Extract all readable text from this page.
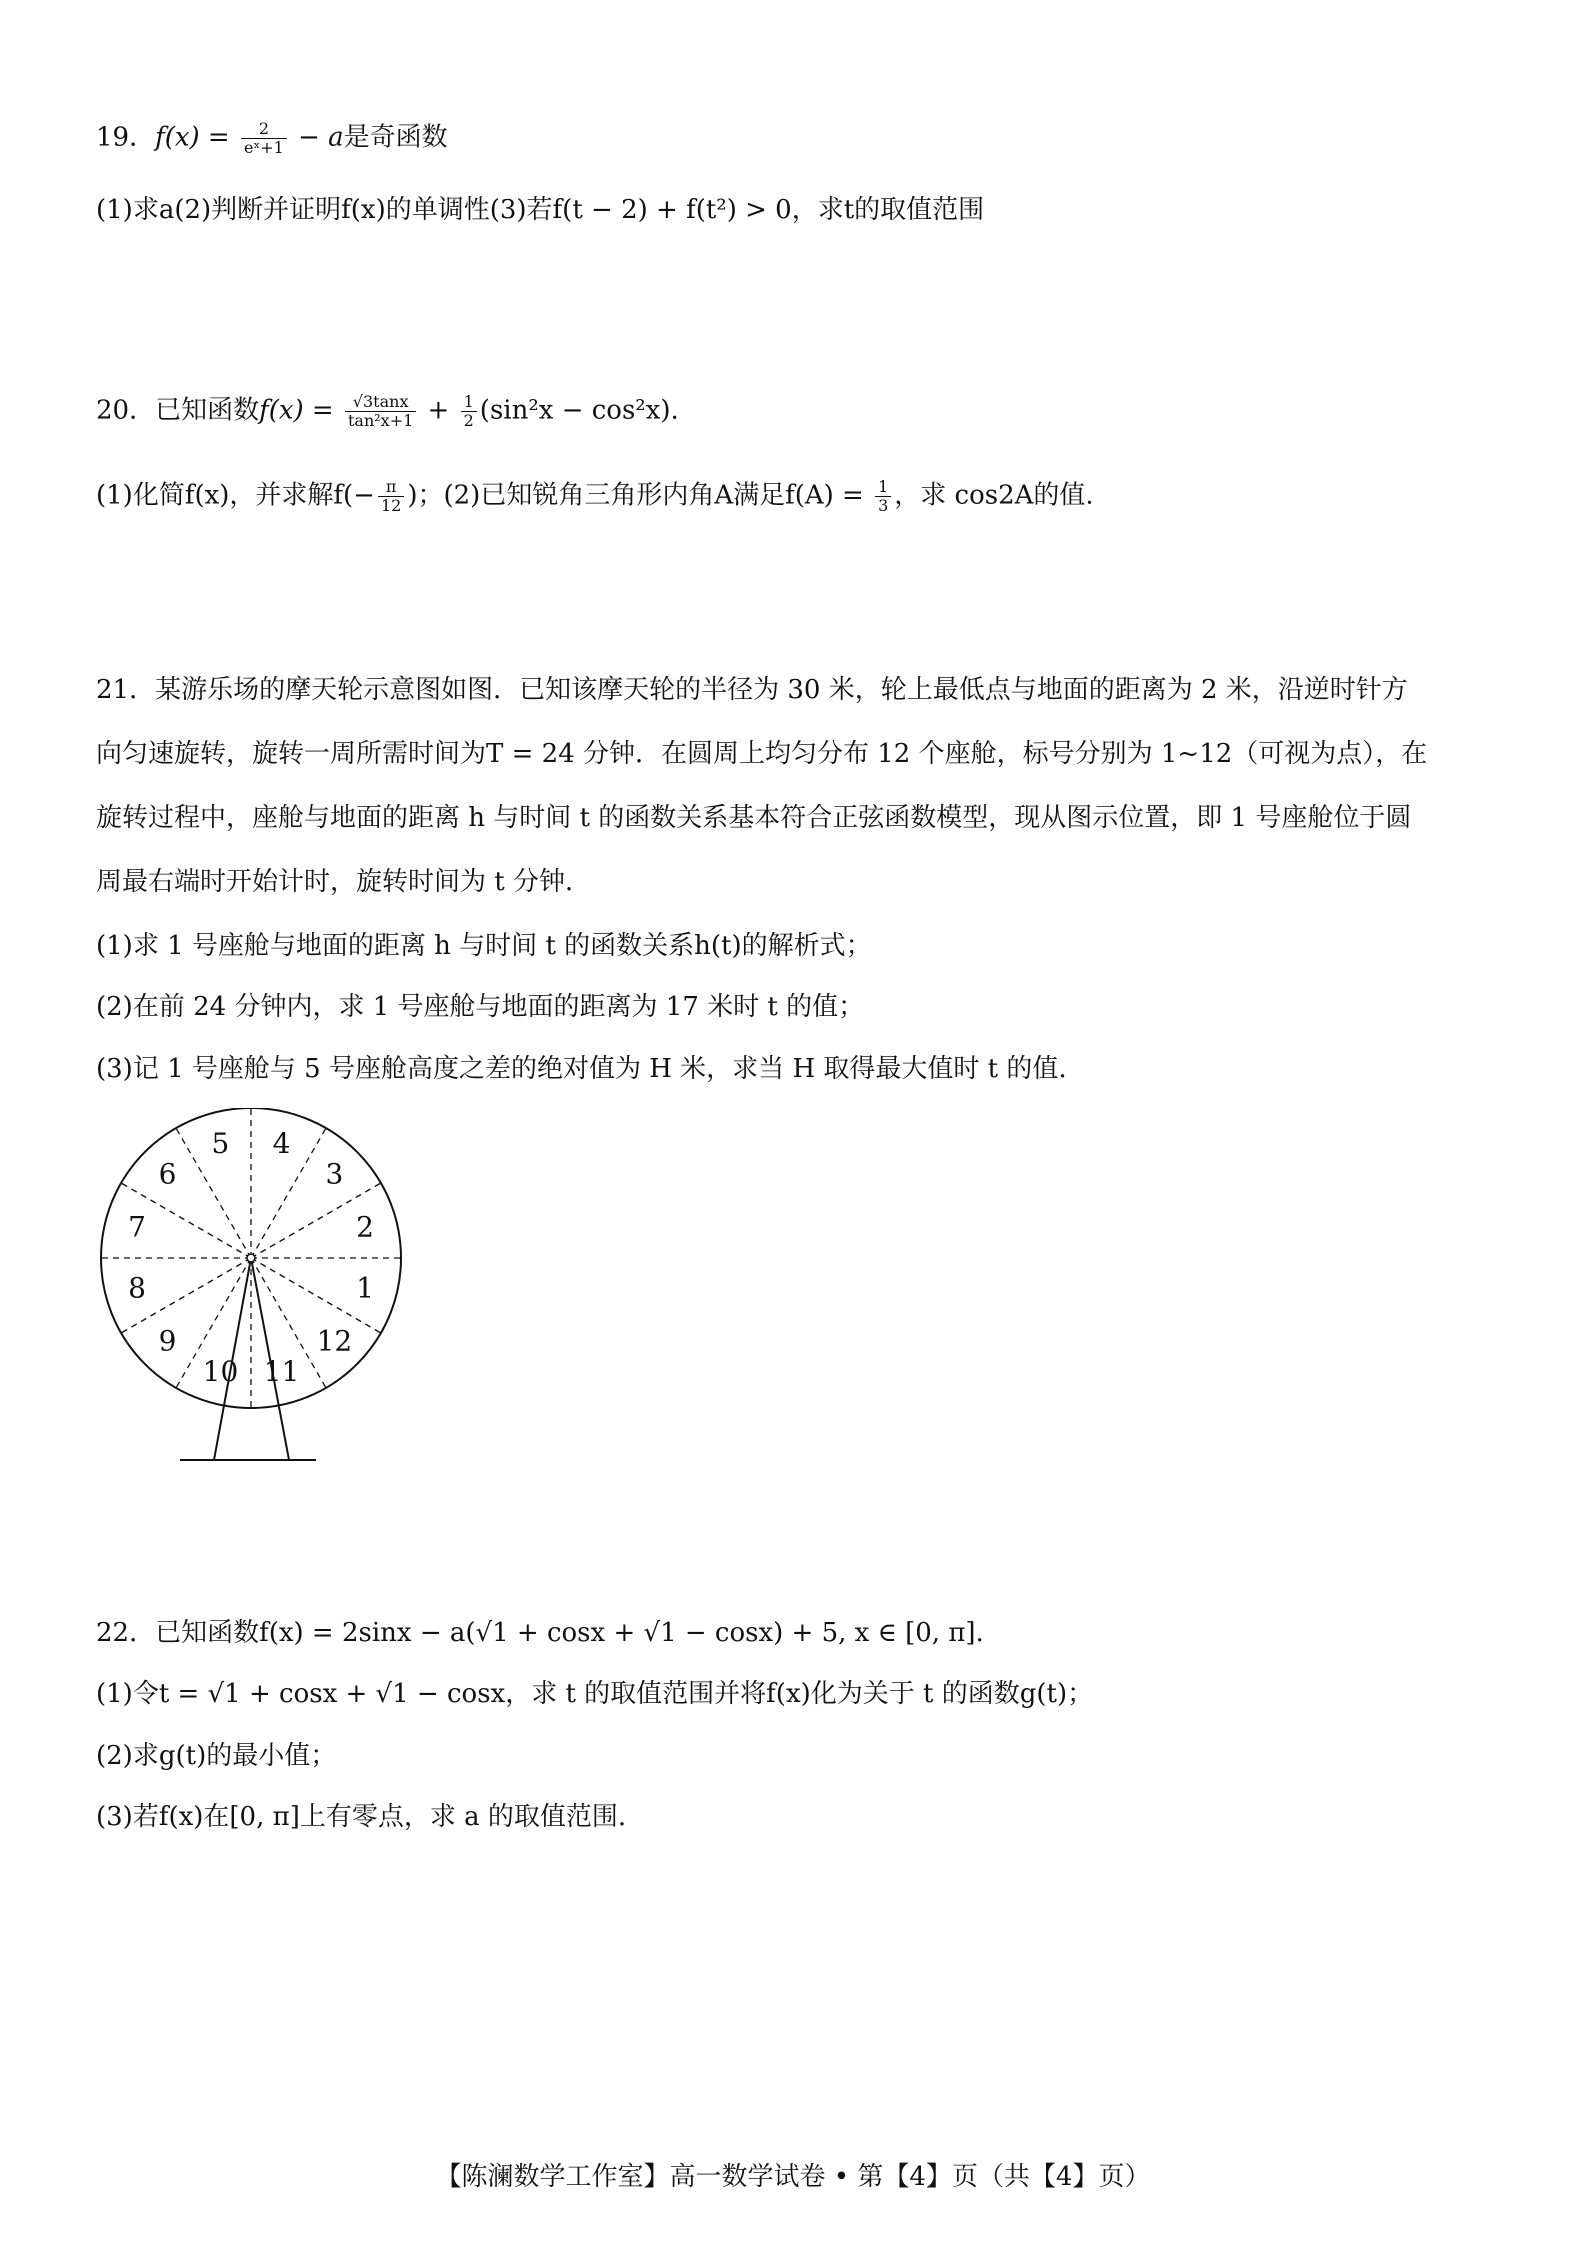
19．$f(x) = \frac{2}{\text{eˣ+1}} - a$是奇函数
(1)求a(2)判断并证明f(x)的单调性(3)若f(t − 2) + f(t²) > 0，求t的取值范围
20．已知函数$f(x) = \frac{√3\tan x}{\text{tan²x+1}} + \frac{1}{2} (\sin^2x - \cos^2x)$.
(1)化简f(x)，并求解$f(- \frac{\pi}{12}$ )；(2)已知锐角三角形内角A满足$f(A) = \frac{1}{3}$ ，求 cos2A的值.
21．某游乐场的摩天轮示意图如图．已知该摩天轮的半径为 30 米，轮上最低点与地面的距离为 2 米，沿逆时针方
向匀速旋转，旋转一周所需时间为T = 24 分钟．在圆周上均匀分布 12 个座舱，标号分别为 1~12（可视为点），在
旋转过程中，座舱与地面的距离 h 与时间 t 的函数关系基本符合正弦函数模型，现从图示位置，即 1 号座舱位于圆
周最右端时开始计时，旋转时间为 t 分钟．
(1)求 1 号座舱与地面的距离 h 与时间 t 的函数关系h(t)的解析式；
(2)在前 24 分钟内，求 1 号座舱与地面的距离为 17 米时 t 的值；
(3)记 1 号座舱与 5 号座舱高度之差的绝对值为 H 米，求当 H 取得最大值时 t 的值.
1
2
3
4
5
6
7
8
9
10 11
12
22．已知函数f(x) = 2sinx − a(√1 + cosx + √1 − cosx) + 5, x ∈ [0, π].
(1)令t = √1 + cosx + √1 − cosx，求 t 的取值范围并将f(x)化为关于 t 的函数g(t)；
(2)求g(t)的最小值；
(3)若f(x)在[0, π]上有零点，求 a 的取值范围.
【陈澜数学工作室】高一数学试卷 • 第【4】页（共【4】页）
